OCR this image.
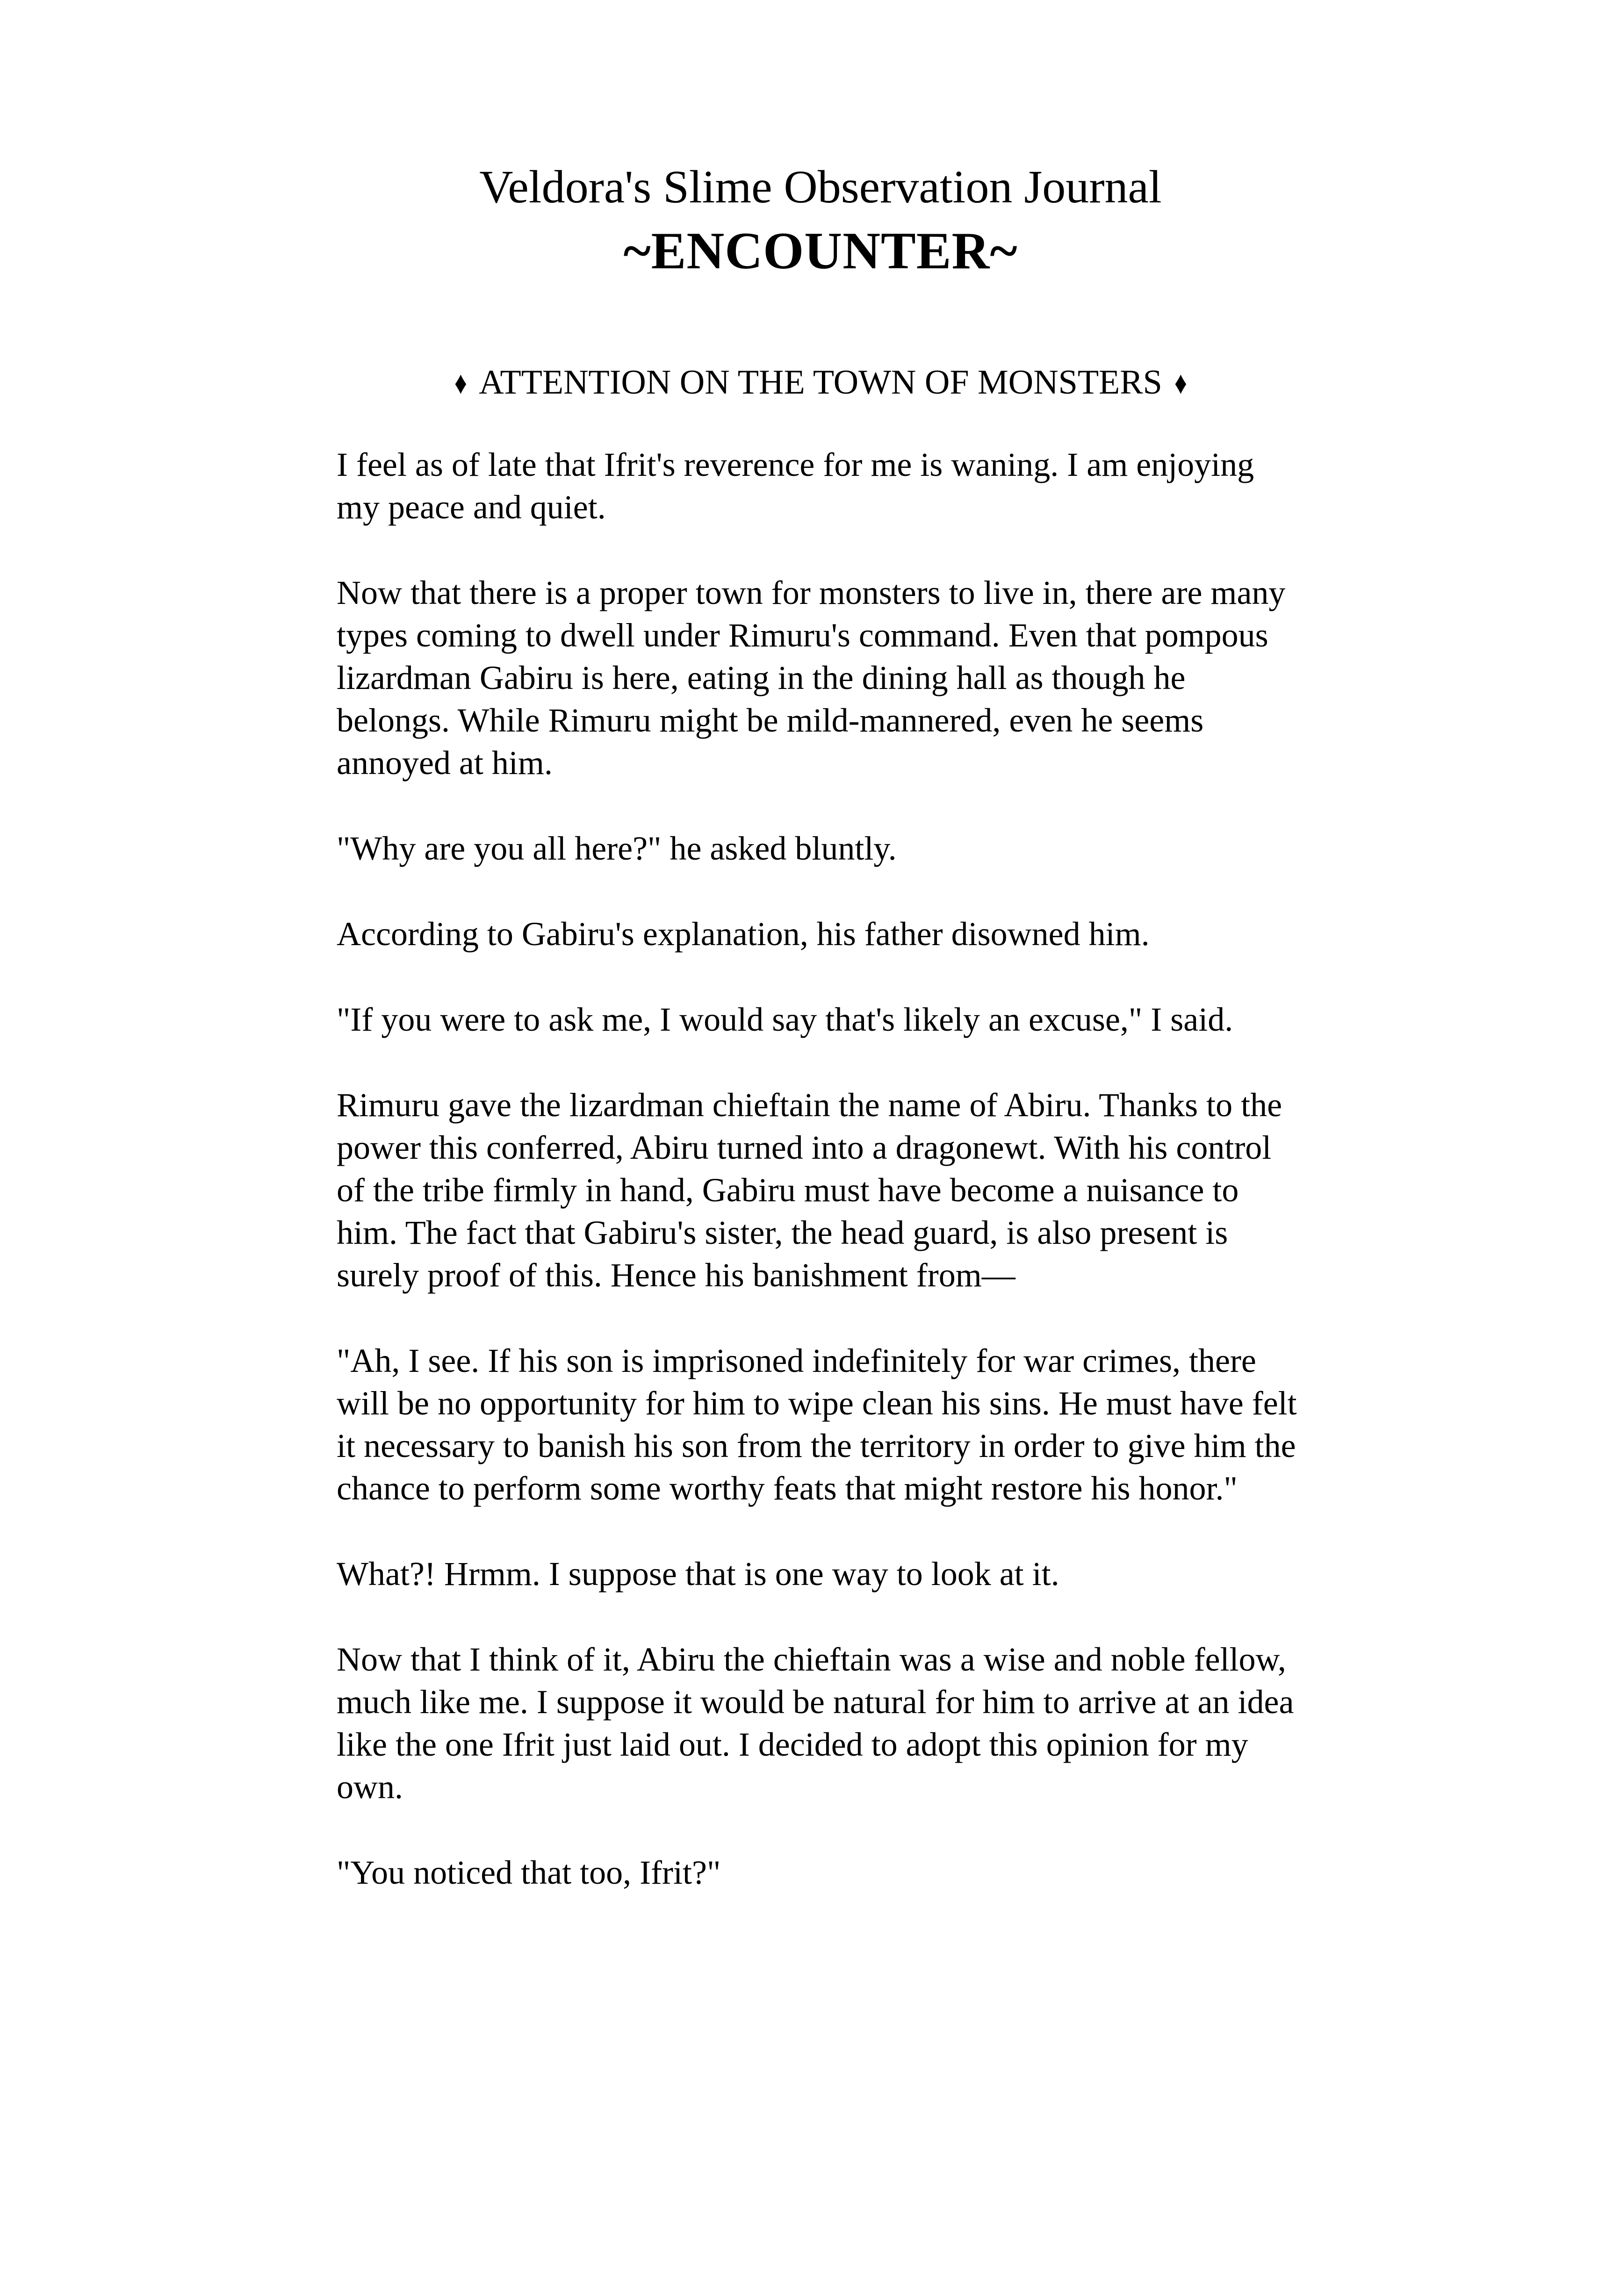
Veldora's Slime Observation Journal
~ENCOUNTER~
♦ ATTENTION ON THE TOWN OF MONSTERS ♦

I feel as of late that Ifrit's reverence for me is waning. I am enjoying my peace and quiet.

Now that there is a proper town for monsters to live in, there are many types coming to dwell under Rimuru's command. Even that pompous lizardman Gabiru is here, eating in the dining hall as though he belongs. While Rimuru might be mild-mannered, even he seems annoyed at him.

"Why are you all here?" he asked bluntly.

According to Gabiru's explanation, his father disowned him.

"If you were to ask me, I would say that's likely an excuse," I said.

Rimuru gave the lizardman chieftain the name of Abiru. Thanks to the power this conferred, Abiru turned into a dragonewt. With his control of the tribe firmly in hand, Gabiru must have become a nuisance to him. The fact that Gabiru's sister, the head guard, is also present is surely proof of this. Hence his banishment from—

"Ah, I see. If his son is imprisoned indefinitely for war crimes, there will be no opportunity for him to wipe clean his sins. He must have felt it necessary to banish his son from the territory in order to give him the chance to perform some worthy feats that might restore his honor."

What?! Hrmm. I suppose that is one way to look at it.

Now that I think of it, Abiru the chieftain was a wise and noble fellow, much like me. I suppose it would be natural for him to arrive at an idea like the one Ifrit just laid out. I decided to adopt this opinion for my own.

"You noticed that too, Ifrit?"
